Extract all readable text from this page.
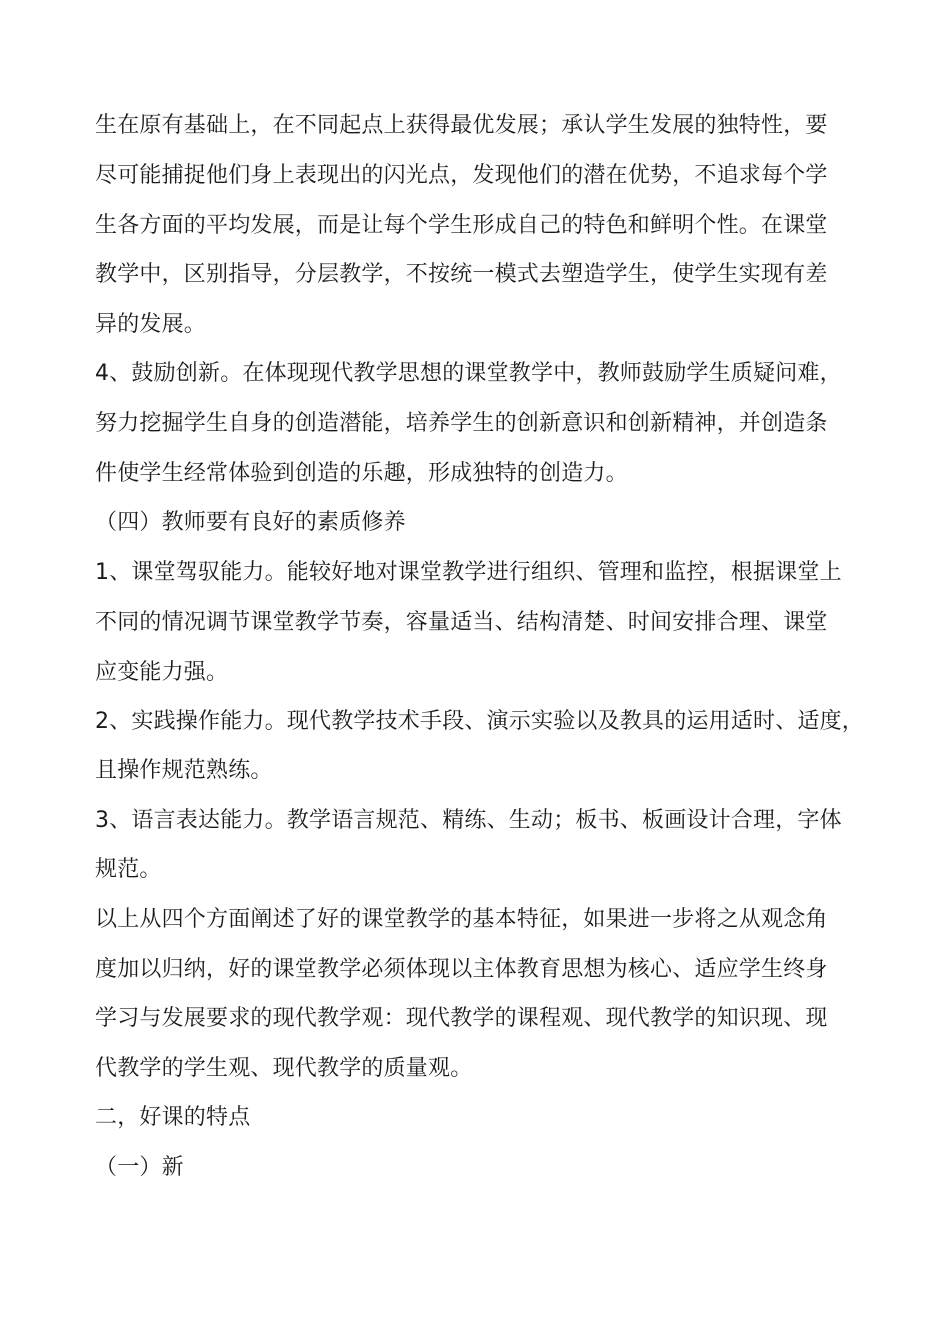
生在原有基础上，在不同起点上获得最优发展；承认学生发展的独特性，要
尽可能捕捉他们身上表现出的闪光点，发现他们的潜在优势，不追求每个学
生各方面的平均发展，而是让每个学生形成自己的特色和鲜明个性。在课堂
教学中，区别指导，分层教学，不按统一模式去塑造学生，使学生实现有差
异的发展。
4、鼓励创新。在体现现代教学思想的课堂教学中，教师鼓励学生质疑问难，
努力挖掘学生自身的创造潜能，培养学生的创新意识和创新精神，并创造条
件使学生经常体验到创造的乐趣，形成独特的创造力。
（四）教师要有良好的素质修养
1、课堂驾驭能力。能较好地对课堂教学进行组织、管理和监控，根据课堂上
不同的情况调节课堂教学节奏，容量适当、结构清楚、时间安排合理、课堂
应变能力强。
2、实践操作能力。现代教学技术手段、演示实验以及教具的运用适时、适度，
且操作规范熟练。
3、语言表达能力。教学语言规范、精练、生动；板书、板画设计合理，字体
规范。
以上从四个方面阐述了好的课堂教学的基本特征，如果进一步将之从观念角
度加以归纳，好的课堂教学必须体现以主体教育思想为核心、适应学生终身
学习与发展要求的现代教学观：现代教学的课程观、现代教学的知识现、现
代教学的学生观、现代教学的质量观。
二，好课的特点
（一）新
